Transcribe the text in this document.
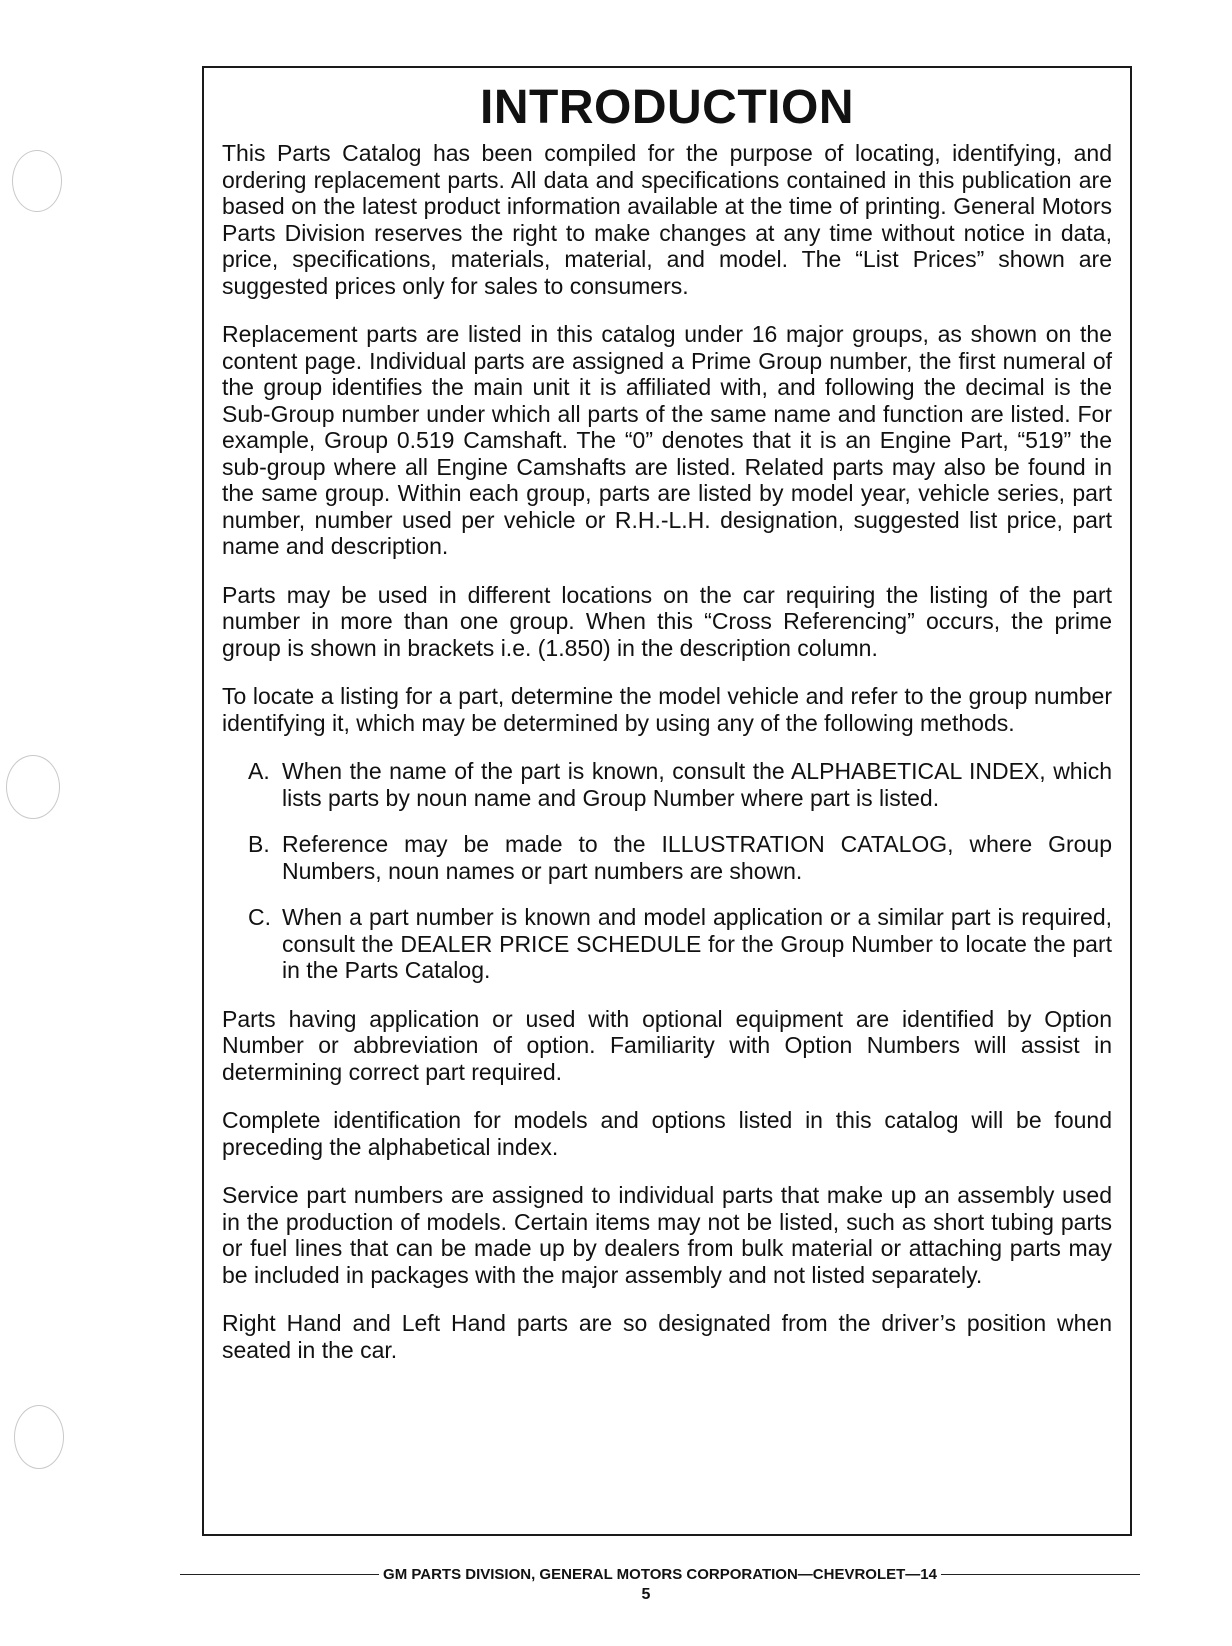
INTRODUCTION

This Parts Catalog has been compiled for the purpose of locating, identifying, and ordering replacement parts. All data and specifications contained in this publication are based on the latest product information available at the time of printing. General Motors Parts Division reserves the right to make changes at any time without notice in data, price, specifications, materials, material, and model. The “List Prices” shown are suggested prices only for sales to consumers.

Replacement parts are listed in this catalog under 16 major groups, as shown on the content page. Individual parts are assigned a Prime Group number, the first numeral of the group identifies the main unit it is affiliated with, and following the decimal is the Sub-Group number under which all parts of the same name and function are listed. For example, Group 0.519 Camshaft. The “0” denotes that it is an Engine Part, “519” the sub-group where all Engine Camshafts are listed. Related parts may also be found in the same group. Within each group, parts are listed by model year, vehicle series, part number, number used per vehicle or R.H.-L.H. designation, suggested list price, part name and description.

Parts may be used in different locations on the car requiring the listing of the part number in more than one group. When this “Cross Referencing” occurs, the prime group is shown in brackets i.e. (1.850) in the description column.

To locate a listing for a part, determine the model vehicle and refer to the group number identifying it, which may be determined by using any of the following methods.

A. When the name of the part is known, consult the ALPHABETICAL INDEX, which lists parts by noun name and Group Number where part is listed.
B. Reference may be made to the ILLUSTRATION CATALOG, where Group Numbers, noun names or part numbers are shown.
C. When a part number is known and model application or a similar part is required, consult the DEALER PRICE SCHEDULE for the Group Number to locate the part in the Parts Catalog.

Parts having application or used with optional equipment are identified by Option Number or abbreviation of option. Familiarity with Option Numbers will assist in determining correct part required.

Complete identification for models and options listed in this catalog will be found preceding the alphabetical index.

Service part numbers are assigned to individual parts that make up an assembly used in the production of models. Certain items may not be listed, such as short tubing parts or fuel lines that can be made up by dealers from bulk material or attaching parts may be included in packages with the major assembly and not listed separately.

Right Hand and Left Hand parts are so designated from the driver’s position when seated in the car.

GM PARTS DIVISION, GENERAL MOTORS CORPORATION—CHEVROLET—14
5
